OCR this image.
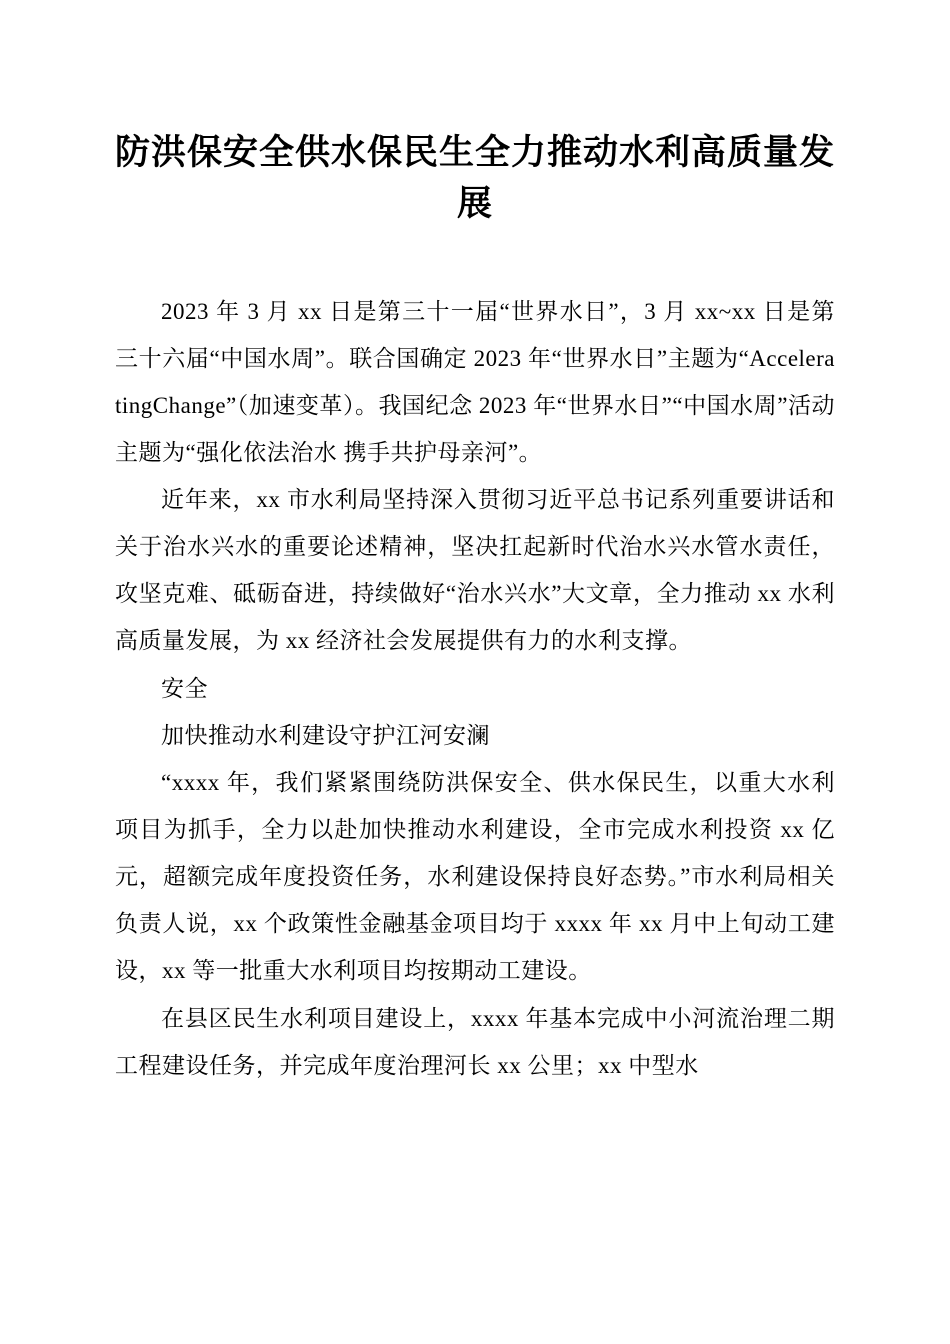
防洪保安全供水保民生全力推动水利高质量发展

2023 年 3 月 xx 日是第三十一届“世界水日”，3 月 xx~xx 日是第三十六届“中国水周”。联合国确定 2023 年“世界水日”主题为“AcceleratingChange”（加速变革）。我国纪念 2023 年“世界水日”“中国水周”活动主题为“强化依法治水 携手共护母亲河”。

近年来，xx 市水利局坚持深入贯彻习近平总书记系列重要讲话和关于治水兴水的重要论述精神，坚决扛起新时代治水兴水管水责任，攻坚克难、砥砺奋进，持续做好“治水兴水”大文章，全力推动 xx 水利高质量发展，为 xx 经济社会发展提供有力的水利支撑。

安全

加快推动水利建设守护江河安澜

“xxxx 年，我们紧紧围绕防洪保安全、供水保民生，以重大水利项目为抓手，全力以赴加快推动水利建设，全市完成水利投资 xx 亿元，超额完成年度投资任务，水利建设保持良好态势。”市水利局相关负责人说，xx 个政策性金融基金项目均于 xxxx 年 xx 月中上旬动工建设，xx 等一批重大水利项目均按期动工建设。

在县区民生水利项目建设上，xxxx 年基本完成中小河流治理二期工程建设任务，并完成年度治理河长 xx 公里；xx 中型水
